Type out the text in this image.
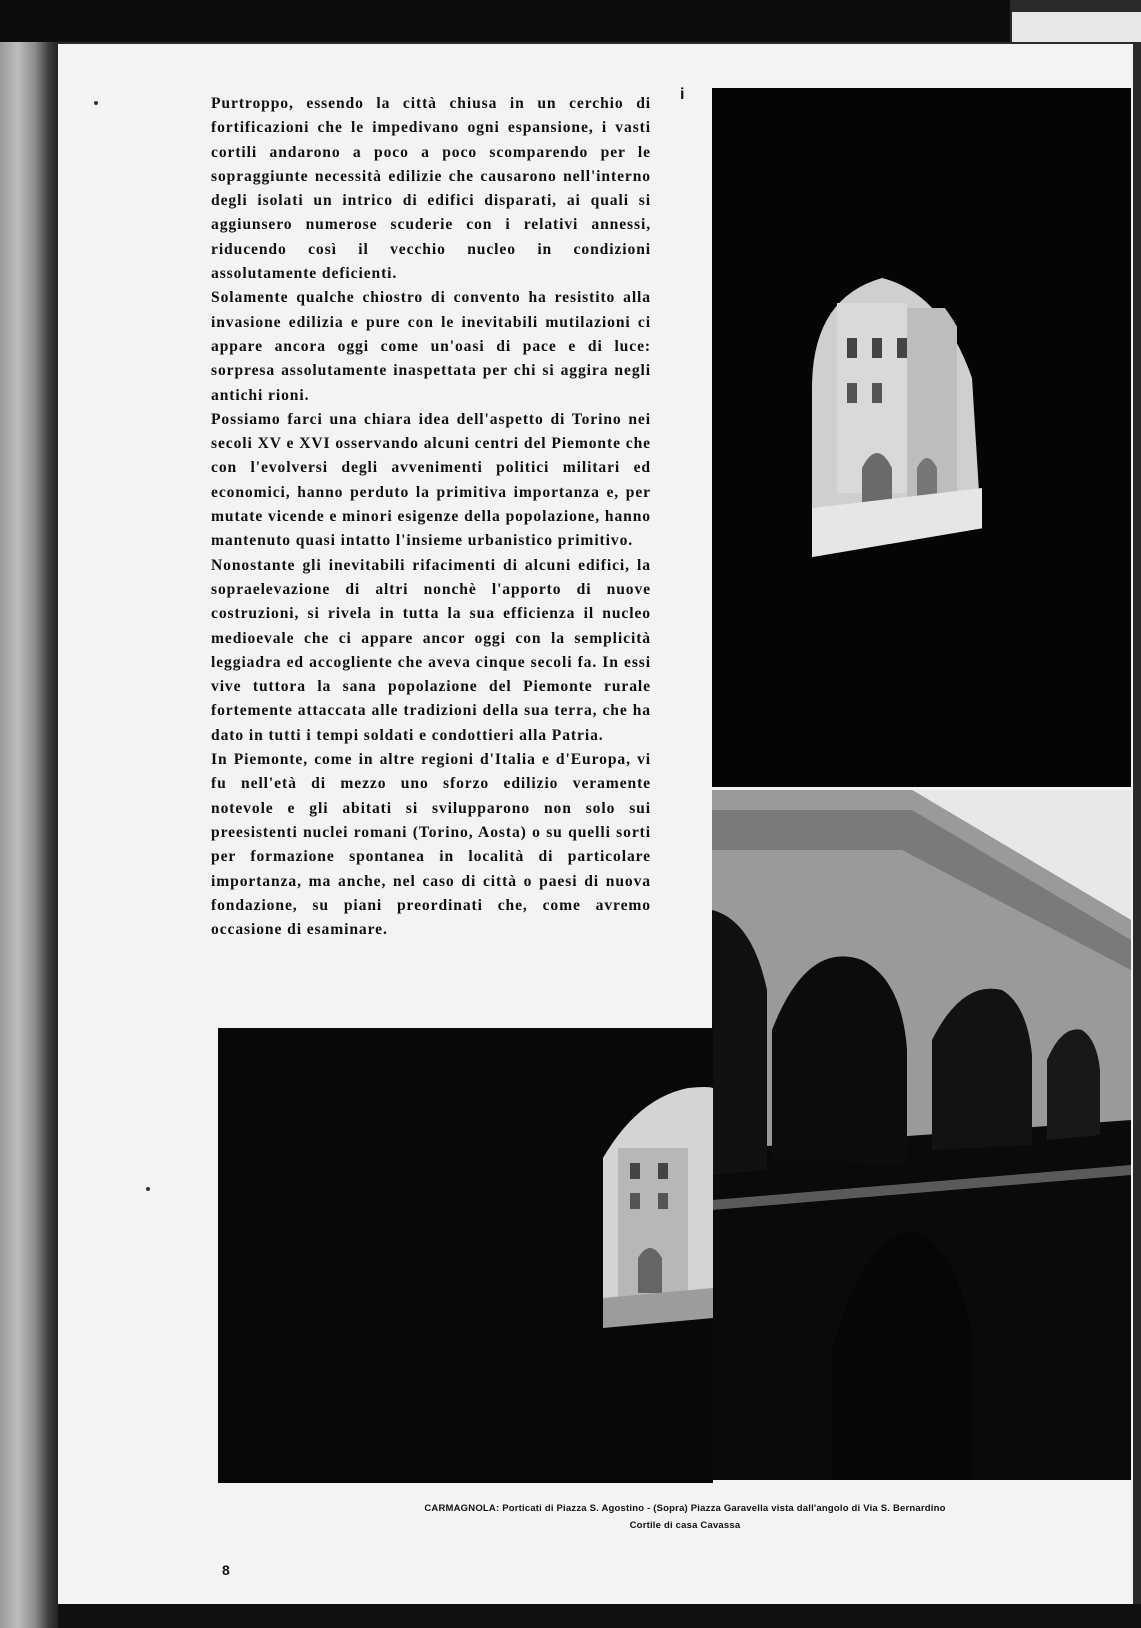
i

Purtroppo, essendo la città chiusa in un cerchio di fortificazioni che le impedivano ogni espansione, i vasti cortili andarono a poco a poco scomparendo per le sopraggiunte necessità edilizie che causarono nell'interno degli isolati un intrico di edifici disparati, ai quali si aggiunsero numerose scuderie con i relativi annessi, riducendo così il vecchio nucleo in condizioni assolutamente deficienti.

Solamente qualche chiostro di convento ha resistito alla invasione edilizia e pure con le inevitabili mutilazioni ci appare ancora oggi come un'oasi di pace e di luce: sorpresa assolutamente inaspettata per chi si aggira negli antichi rioni.

Possiamo farci una chiara idea dell'aspetto di Torino nei secoli XV e XVI osservando alcuni centri del Piemonte che con l'evolversi degli avvenimenti politici militari ed economici, hanno perduto la primitiva importanza e, per mutate vicende e minori esigenze della popolazione, hanno mantenuto quasi intatto l'insieme urbanistico primitivo.

Nonostante gli inevitabili rifacimenti di alcuni edifici, la sopraelevazione di altri nonchè l'apporto di nuove costruzioni, si rivela in tutta la sua efficienza il nucleo medioevale che ci appare ancor oggi con la semplicità leggiadra ed accogliente che aveva cinque secoli fa. In essi vive tuttora la sana popolazione del Piemonte rurale fortemente attaccata alle tradizioni della sua terra, che ha dato in tutti i tempi soldati e condottieri alla Patria.

In Piemonte, come in altre regioni d'Italia e d'Europa, vi fu nell'età di mezzo uno sforzo edilizio veramente notevole e gli abitati si svilupparono non solo sui preesistenti nuclei romani (Torino, Aosta) o su quelli sorti per formazione spontanea in località di particolare importanza, ma anche, nel caso di città o paesi di nuova fondazione, su piani preordinati che, come avremo occasione di esaminare.

CARMAGNOLA: Porticati di Piazza S. Agostino - (Sopra) Piazza Garavella vista dall'angolo di Via S. Bernardino
Cortile di casa Cavassa
8
